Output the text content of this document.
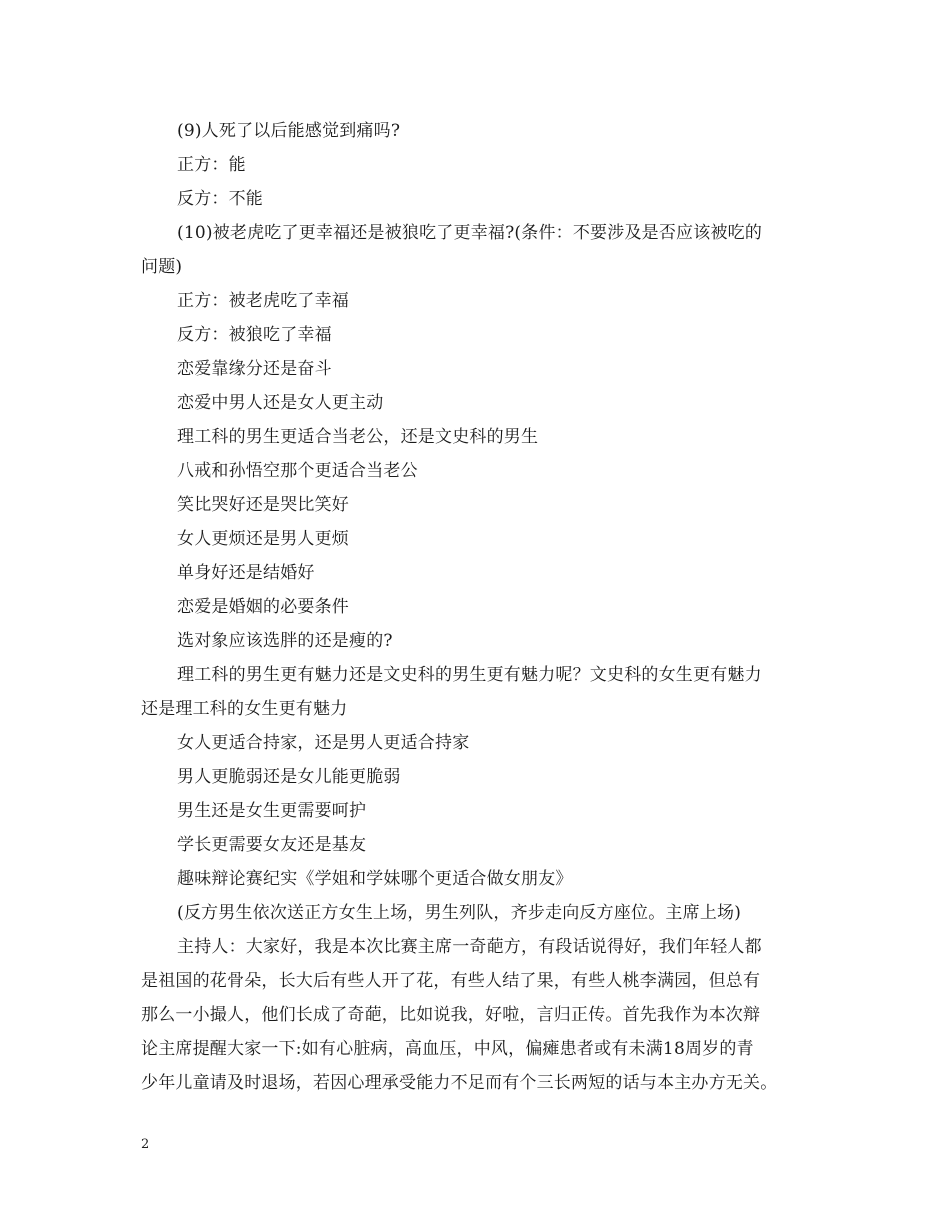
(9)人死了以后能感觉到痛吗?
正方：能
反方：不能
(10)被老虎吃了更幸福还是被狼吃了更幸福?(条件：不要涉及是否应该被吃的
问题)
正方：被老虎吃了幸福
反方：被狼吃了幸福
恋爱靠缘分还是奋斗
恋爱中男人还是女人更主动
理工科的男生更适合当老公，还是文史科的男生
八戒和孙悟空那个更适合当老公
笑比哭好还是哭比笑好
女人更烦还是男人更烦
单身好还是结婚好
恋爱是婚姻的必要条件
选对象应该选胖的还是瘦的?
理工科的男生更有魅力还是文史科的男生更有魅力呢？文史科的女生更有魅力
还是理工科的女生更有魅力
女人更适合持家，还是男人更适合持家
男人更脆弱还是女儿能更脆弱
男生还是女生更需要呵护
学长更需要女友还是基友
趣味辩论赛纪实《学姐和学妹哪个更适合做女朋友》
(反方男生依次送正方女生上场，男生列队，齐步走向反方座位。主席上场)
主持人：大家好，我是本次比赛主席一奇葩方，有段话说得好，我们年轻人都
是祖国的花骨朵，长大后有些人开了花，有些人结了果，有些人桃李满园，但总有
那么一小撮人，他们长成了奇葩，比如说我，好啦，言归正传。首先我作为本次辩
论主席提醒大家一下:如有心脏病，高血压，中风，偏瘫患者或有未满18周岁的青
少年儿童请及时退场，若因心理承受能力不足而有个三长两短的话与本主办方无关。
2
